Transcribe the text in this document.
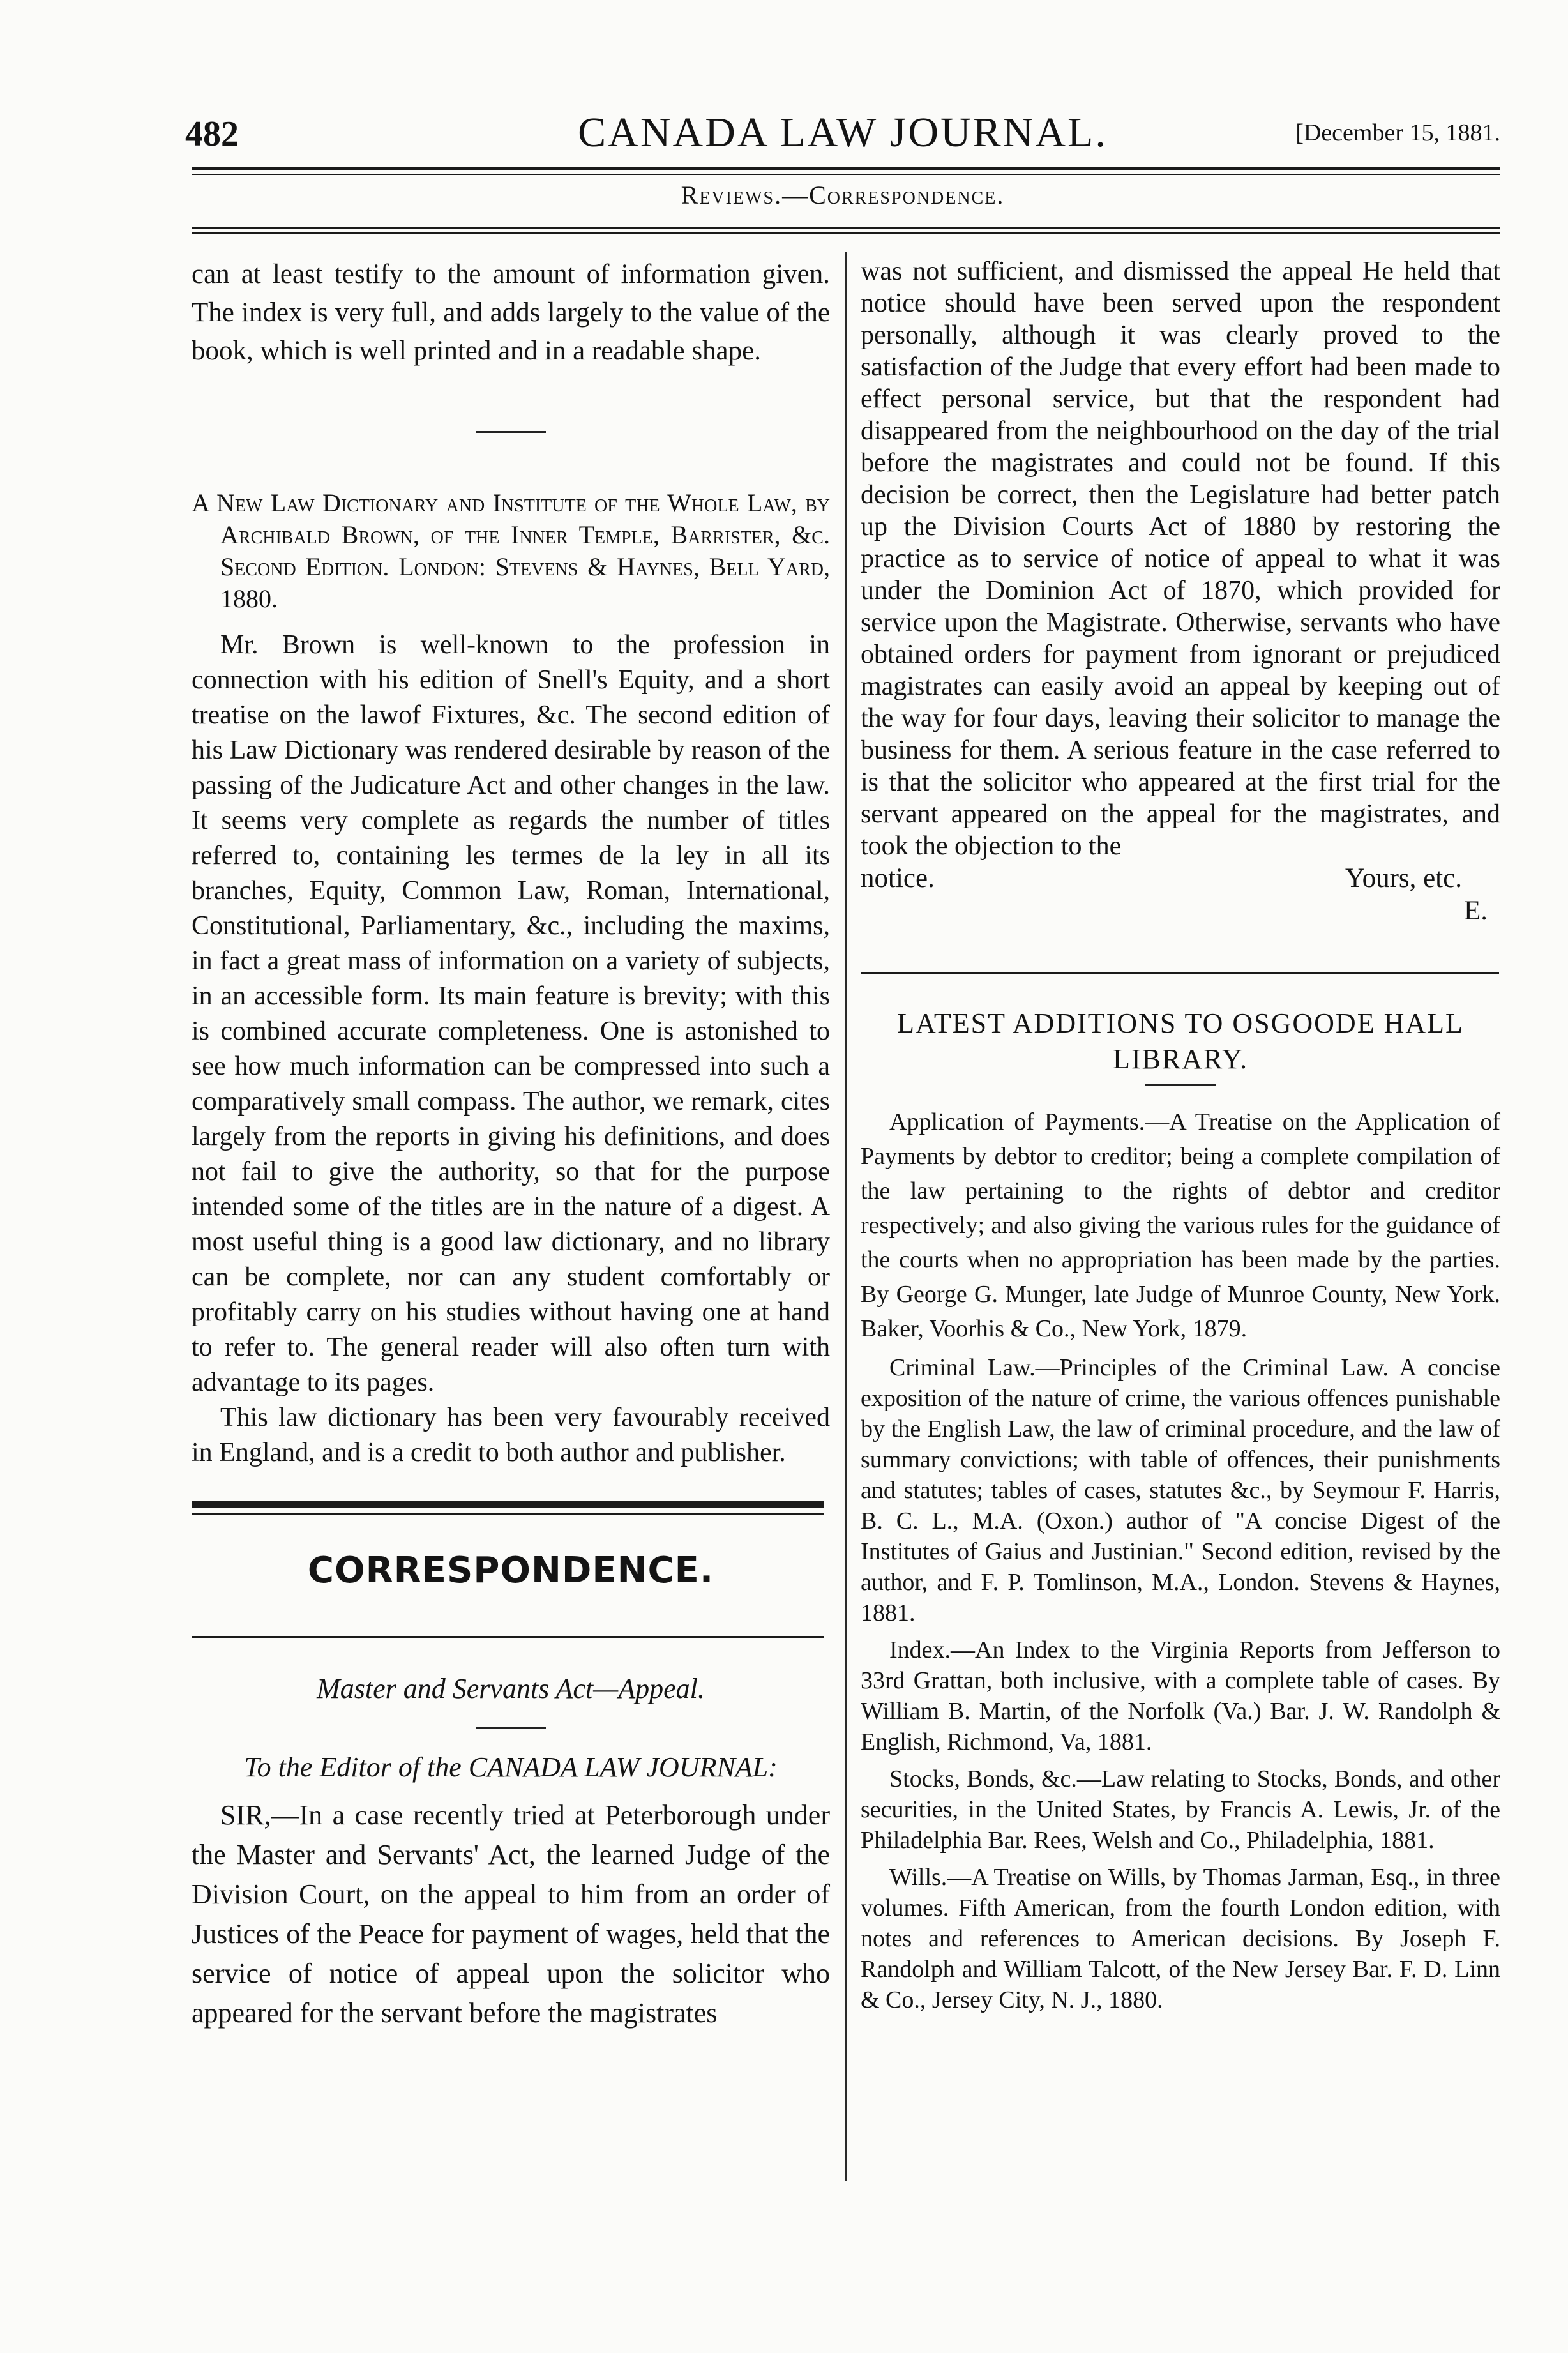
482	CANADA LAW JOURNAL.	[December 15, 1881.
Reviews.—Correspondence.

can at least testify to the amount of information given. The index is very full, and adds largely to the value of the book, which is well printed and in a readable shape.

A New Law Dictionary and Institute of the Whole Law, by Archibald Brown, of the Inner Temple, Barrister, &c. Second Edition. London: Stevens & Haynes, Bell Yard, 1880.

Mr. Brown is well-known to the profession in connection with his edition of Snell's Equity, and a short treatise on the lawof Fixtures, &c. The second edition of his Law Dictionary was rendered desirable by reason of the passing of the Judicature Act and other changes in the law. It seems very complete as regards the number of titles referred to, containing les termes de la ley in all its branches, Equity, Common Law, Roman, International, Constitutional, Parliamentary, &c., including the maxims, in fact a great mass of information on a variety of subjects, in an accessible form. Its main feature is brevity; with this is combined accurate completeness. One is astonished to see how much information can be compressed into such a comparatively small compass. The author, we remark, cites largely from the reports in giving his definitions, and does not fail to give the authority, so that for the purpose intended some of the titles are in the nature of a digest. A most useful thing is a good law dictionary, and no library can be complete, nor can any student comfortably or profitably carry on his studies without having one at hand to refer to. The general reader will also often turn with advantage to its pages.

This law dictionary has been very favourably received in England, and is a credit to both author and publisher.

CORRESPONDENCE.

Master and Servants Act—Appeal.

To the Editor of the CANADA LAW JOURNAL:

SIR,—In a case recently tried at Peterborough under the Master and Servants' Act, the learned Judge of the Division Court, on the appeal to him from an order of Justices of the Peace for payment of wages, held that the service of notice of appeal upon the solicitor who appeared for the servant before the magistrates

was not sufficient, and dismissed the appeal He held that notice should have been served upon the respondent personally, although it was clearly proved to the satisfaction of the Judge that every effort had been made to effect personal service, but that the respondent had disappeared from the neighbourhood on the day of the trial before the magistrates and could not be found. If this decision be correct, then the Legislature had better patch up the Division Courts Act of 1880 by restoring the practice as to service of notice of appeal to what it was under the Dominion Act of 1870, which provided for service upon the Magistrate. Otherwise, servants who have obtained orders for payment from ignorant or prejudiced magistrates can easily avoid an appeal by keeping out of the way for four days, leaving their solicitor to manage the business for them. A serious feature in the case referred to is that the solicitor who appeared at the first trial for the servant appeared on the appeal for the magistrates, and took the objection to the

notice.	Yours, etc.
E.
LATEST ADDITIONS TO OSGOODE HALL
LIBRARY.

Application of Payments.—A Treatise on the Application of Payments by debtor to creditor; being a complete compilation of the law pertaining to the rights of debtor and creditor respectively; and also giving the various rules for the guidance of the courts when no appropriation has been made by the parties. By George G. Munger, late Judge of Munroe County, New York. Baker, Voorhis & Co., New York, 1879.

Criminal Law.—Principles of the Criminal Law. A concise exposition of the nature of crime, the various offences punishable by the English Law, the law of criminal procedure, and the law of summary convictions; with table of offences, their punishments and statutes; tables of cases, statutes &c., by Seymour F. Harris, B. C. L., M.A. (Oxon.) author of "A concise Digest of the Institutes of Gaius and Justinian." Second edition, revised by the author, and F. P. Tomlinson, M.A., London. Stevens & Haynes, 1881.

Index.—An Index to the Virginia Reports from Jefferson to 33rd Grattan, both inclusive, with a complete table of cases. By William B. Martin, of the Norfolk (Va.) Bar. J. W. Randolph & English, Richmond, Va, 1881.

Stocks, Bonds, &c.—Law relating to Stocks, Bonds, and other securities, in the United States, by Francis A. Lewis, Jr. of the Philadelphia Bar. Rees, Welsh and Co., Philadelphia, 1881.

Wills.—A Treatise on Wills, by Thomas Jarman, Esq., in three volumes. Fifth American, from the fourth London edition, with notes and references to American decisions. By Joseph F. Randolph and William Talcott, of the New Jersey Bar. F. D. Linn & Co., Jersey City, N. J., 1880.
